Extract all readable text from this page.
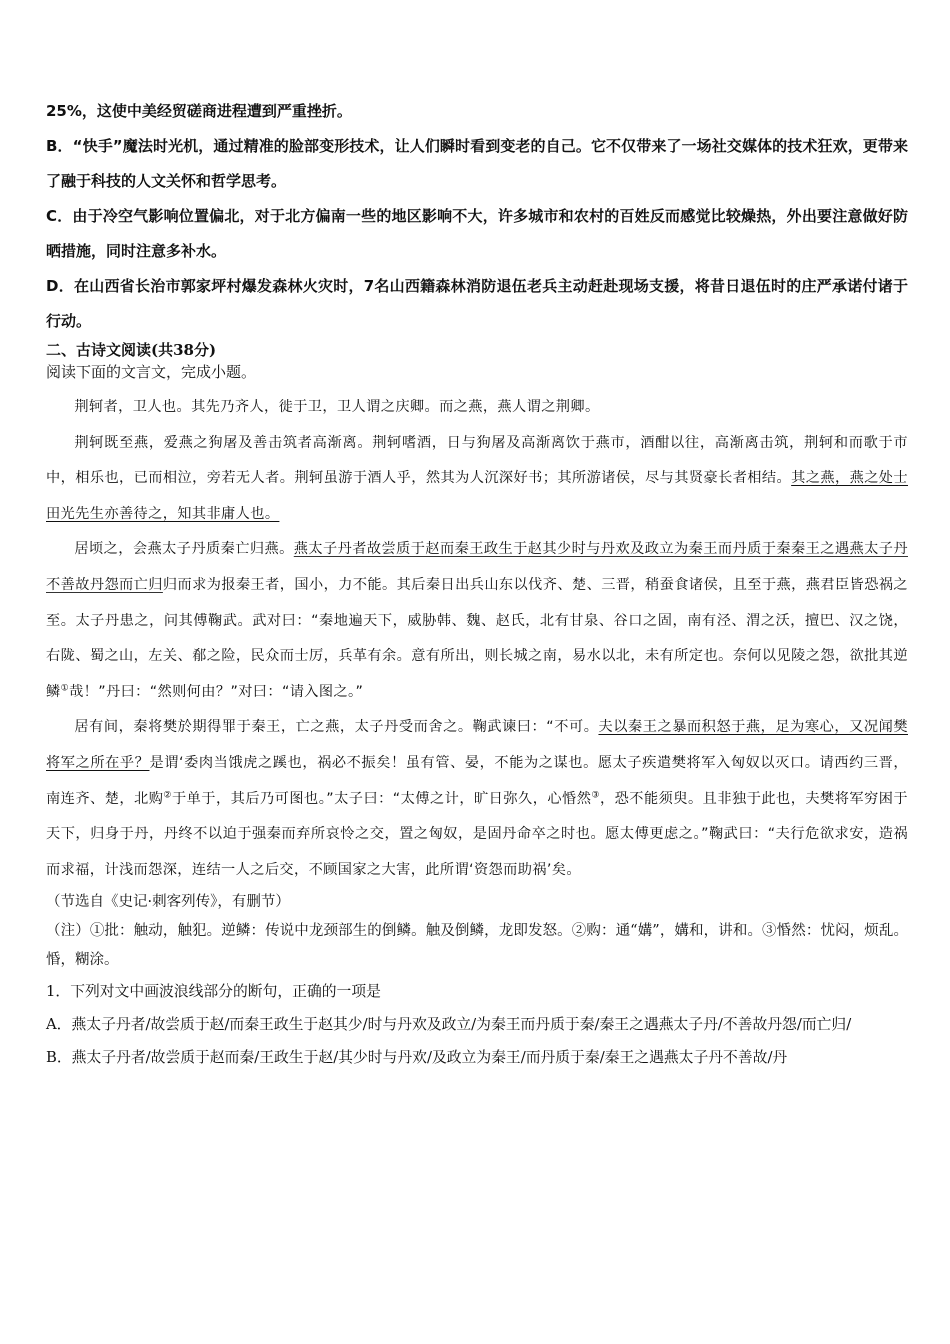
25%，这使中美经贸磋商进程遭到严重挫折。

B．“快手”魔法时光机，通过精准的脸部变形技术，让人们瞬时看到变老的自己。它不仅带来了一场社交媒体的技术狂欢，更带来了融于科技的人文关怀和哲学思考。

C．由于冷空气影响位置偏北，对于北方偏南一些的地区影响不大，许多城市和农村的百姓反而感觉比较燥热，外出要注意做好防晒措施，同时注意多补水。

D．在山西省长治市郭家坪村爆发森林火灾时，7名山西籍森林消防退伍老兵主动赶赴现场支援，将昔日退伍时的庄严承诺付诸于行动。

二、古诗文阅读(共38分)

阅读下面的文言文，完成小题。

荆轲者，卫人也。其先乃齐人，徙于卫，卫人谓之庆卿。而之燕，燕人谓之荆卿。

荆轲既至燕，爱燕之狗屠及善击筑者高渐离。荆轲嗜酒，日与狗屠及高渐离饮于燕市，酒酣以往，高渐离击筑，荆轲和而歌于市中，相乐也，已而相泣，旁若无人者。荆轲虽游于酒人乎，然其为人沉深好书；其所游诸侯，尽与其贤豪长者相结。其之燕，燕之处士田光先生亦善待之，知其非庸人也。

居顷之，会燕太子丹质秦亡归燕。燕太子丹者故尝质于赵而秦王政生于赵其少时与丹欢及政立为秦王而丹质于秦秦王之遇燕太子丹不善故丹怨而亡归归而求为报秦王者，国小，力不能。其后秦日出兵山东以伐齐、楚、三晋，稍蚕食诸侯，且至于燕，燕君臣皆恐祸之至。太子丹患之，问其傅鞠武。武对曰：“秦地遍天下，威胁韩、魏、赵氏，北有甘泉、谷口之固，南有泾、渭之沃，擅巴、汉之饶，右陇、蜀之山，左关、郩之险，民众而士厉，兵革有余。意有所出，则长城之南，易水以北，未有所定也。奈何以见陵之怨，欲批其逆鳞①哉！”丹曰：“然则何由？”对曰：“请入图之。”

居有间，秦将樊於期得罪于秦王，亡之燕，太子丹受而舍之。鞠武谏曰：“不可。夫以秦王之暴而积怒于燕，足为寒心，又况闻樊将军之所在乎？是谓‘委肉当饿虎之蹊也，祸必不振矣！虽有管、晏，不能为之谋也。愿太子疾遣樊将军入匈奴以灭口。请西约三晋，南连齐、楚，北购②于单于，其后乃可图也。”太子曰：“太傅之计，旷日弥久，心惛然③，恐不能须臾。且非独于此也，夫樊将军穷困于天下，归身于丹，丹终不以迫于强秦而弃所哀怜之交，置之匈奴，是固丹命卒之时也。愿太傅更虑之。”鞠武曰：“夫行危欲求安，造祸而求福，计浅而怨深，连结一人之后交，不顾国家之大害，此所谓‘资怨而助祸’矣。

（节选自《史记·刺客列传》，有删节）

（注）①批：触动，触犯。逆鳞：传说中龙颈部生的倒鳞。触及倒鳞，龙即发怒。②购：通“媾”，媾和，讲和。③惛然：忧闷，烦乱。惛，糊涂。

1．下列对文中画波浪线部分的断句，正确的一项是

A．燕太子丹者/故尝质于赵/而秦王政生于赵其少/时与丹欢及政立/为秦王而丹质于秦/秦王之遇燕太子丹/不善故丹怨/而亡归/

B．燕太子丹者/故尝质于赵而秦/王政生于赵/其少时与丹欢/及政立为秦王/而丹质于秦/秦王之遇燕太子丹不善故/丹
